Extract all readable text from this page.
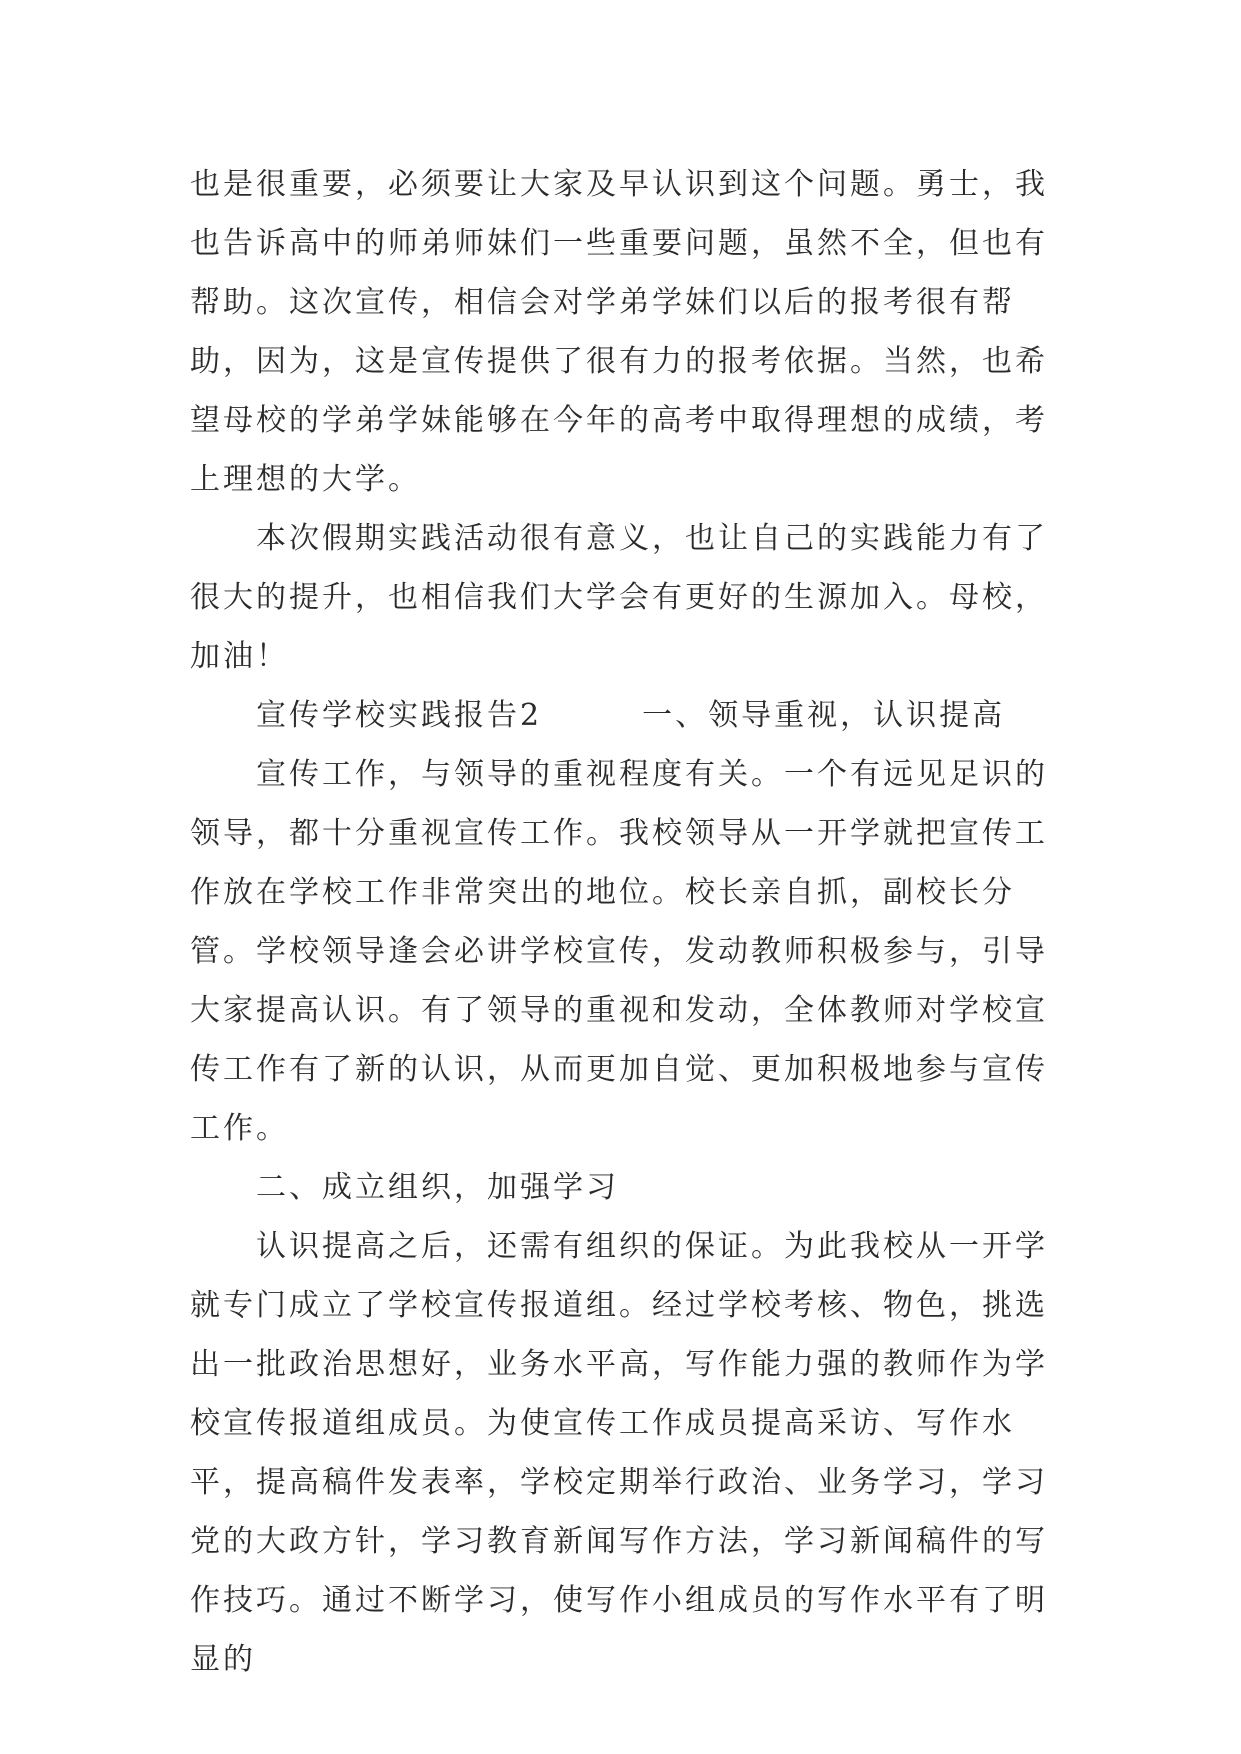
也是很重要，必须要让大家及早认识到这个问题。勇士，我也告诉高中的师弟师妹们一些重要问题，虽然不全，但也有帮助。这次宣传，相信会对学弟学妹们以后的报考很有帮助，因为，这是宣传提供了很有力的报考依据。当然，也希望母校的学弟学妹能够在今年的高考中取得理想的成绩，考上理想的大学。

本次假期实践活动很有意义，也让自己的实践能力有了很大的提升，也相信我们大学会有更好的生源加入。母校，加油！

宣传学校实践报告2	一、领导重视，认识提高

宣传工作，与领导的重视程度有关。一个有远见足识的领导，都十分重视宣传工作。我校领导从一开学就把宣传工作放在学校工作非常突出的地位。校长亲自抓，副校长分管。学校领导逢会必讲学校宣传，发动教师积极参与，引导大家提高认识。有了领导的重视和发动，全体教师对学校宣传工作有了新的认识，从而更加自觉、更加积极地参与宣传工作。

二、成立组织，加强学习

认识提高之后，还需有组织的保证。为此我校从一开学就专门成立了学校宣传报道组。经过学校考核、物色，挑选出一批政治思想好，业务水平高，写作能力强的教师作为学校宣传报道组成员。为使宣传工作成员提高采访、写作水平，提高稿件发表率，学校定期举行政治、业务学习，学习党的大政方针，学习教育新闻写作方法，学习新闻稿件的写作技巧。通过不断学习，使写作小组成员的写作水平有了明显的
